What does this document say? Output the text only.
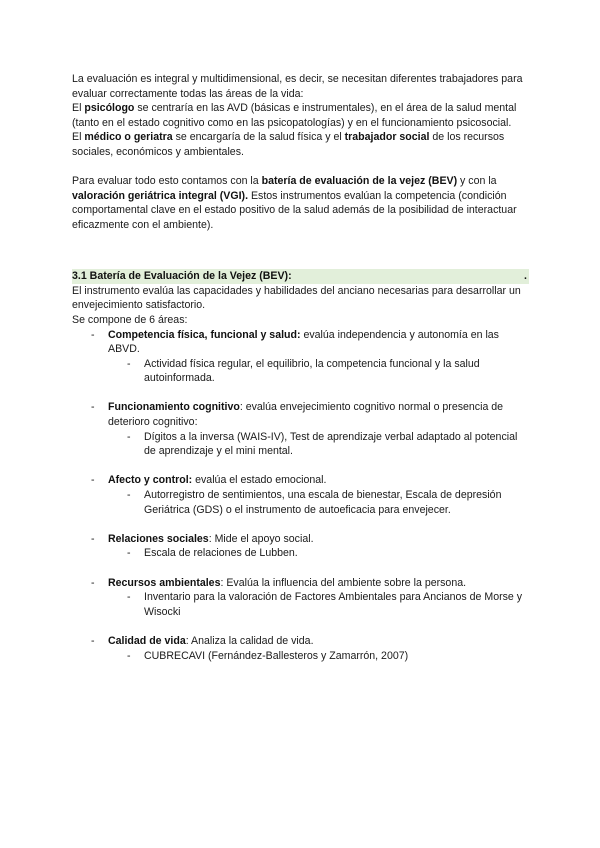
La evaluación es integral y multidimensional, es decir, se necesitan diferentes trabajadores para evaluar correctamente todas las áreas de la vida:

El psicólogo se centraría en las AVD (básicas e instrumentales), en el área de la salud mental (tanto en el estado cognitivo como en las psicopatologías) y en el funcionamiento psicosocial.

El médico o geriatra se encargaría de la salud física y el trabajador social de los recursos sociales, económicos y ambientales.

Para evaluar todo esto contamos con la batería de evaluación de la vejez (BEV) y con la valoración geriátrica integral (VGI). Estos instrumentos evalúan la competencia (condición comportamental clave en el estado positivo de la salud además de la posibilidad de interactuar eficazmente con el ambiente).

3.1 Batería de Evaluación de la Vejez (BEV):	.

El instrumento evalúa las capacidades y habilidades del anciano necesarias para desarrollar un envejecimiento satisfactorio.

Se compone de 6 áreas:

- Competencia física, funcional y salud: evalúa independencia y autonomía en las ABVD.
- Actividad física regular, el equilibrio, la competencia funcional y la salud autoinformada.
- Funcionamiento cognitivo: evalúa envejecimiento cognitivo normal o presencia de deterioro cognitivo:
- Dígitos a la inversa (WAIS-IV), Test de aprendizaje verbal adaptado al potencial de aprendizaje y el mini mental.
- Afecto y control: evalúa el estado emocional.
- Autorregistro de sentimientos, una escala de bienestar, Escala de depresión Geriátrica (GDS) o el instrumento de autoeficacia para envejecer.
- Relaciones sociales: Mide el apoyo social.
- Escala de relaciones de Lubben.
- Recursos ambientales: Evalúa la influencia del ambiente sobre la persona.
- Inventario para la valoración de Factores Ambientales para Ancianos de Morse y Wisocki
- Calidad de vida: Analiza la calidad de vida.
- CUBRECAVI (Fernández-Ballesteros y Zamarrón, 2007)
